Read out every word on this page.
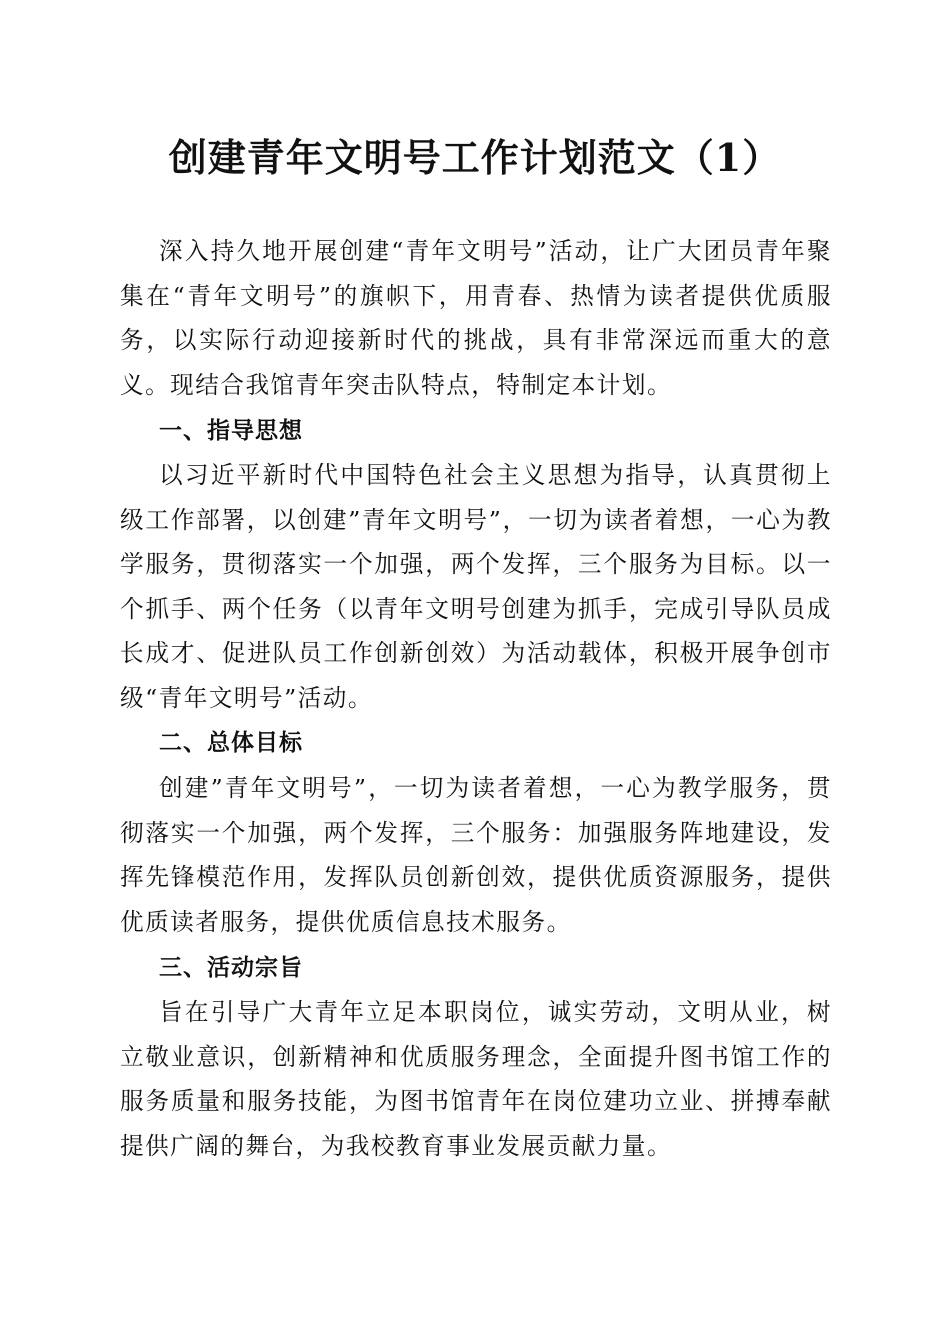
创建青年文明号工作计划范文（1）

深入持久地开展创建“青年文明号”活动，让广大团员青年聚集在“青年文明号”的旗帜下，用青春、热情为读者提供优质服务，以实际行动迎接新时代的挑战，具有非常深远而重大的意义。现结合我馆青年突击队特点，特制定本计划。

一、指导思想

以习近平新时代中国特色社会主义思想为指导，认真贯彻上级工作部署，以创建”青年文明号”，一切为读者着想，一心为教学服务，贯彻落实一个加强，两个发挥，三个服务为目标。以一个抓手、两个任务（以青年文明号创建为抓手，完成引导队员成长成才、促进队员工作创新创效）为活动载体，积极开展争创市级“青年文明号”活动。

二、总体目标

创建”青年文明号”，一切为读者着想，一心为教学服务，贯彻落实一个加强，两个发挥，三个服务：加强服务阵地建设，发挥先锋模范作用，发挥队员创新创效，提供优质资源服务，提供优质读者服务，提供优质信息技术服务。

三、活动宗旨

旨在引导广大青年立足本职岗位，诚实劳动，文明从业，树立敬业意识，创新精神和优质服务理念，全面提升图书馆工作的服务质量和服务技能，为图书馆青年在岗位建功立业、拼搏奉献提供广阔的舞台，为我校教育事业发展贡献力量。
